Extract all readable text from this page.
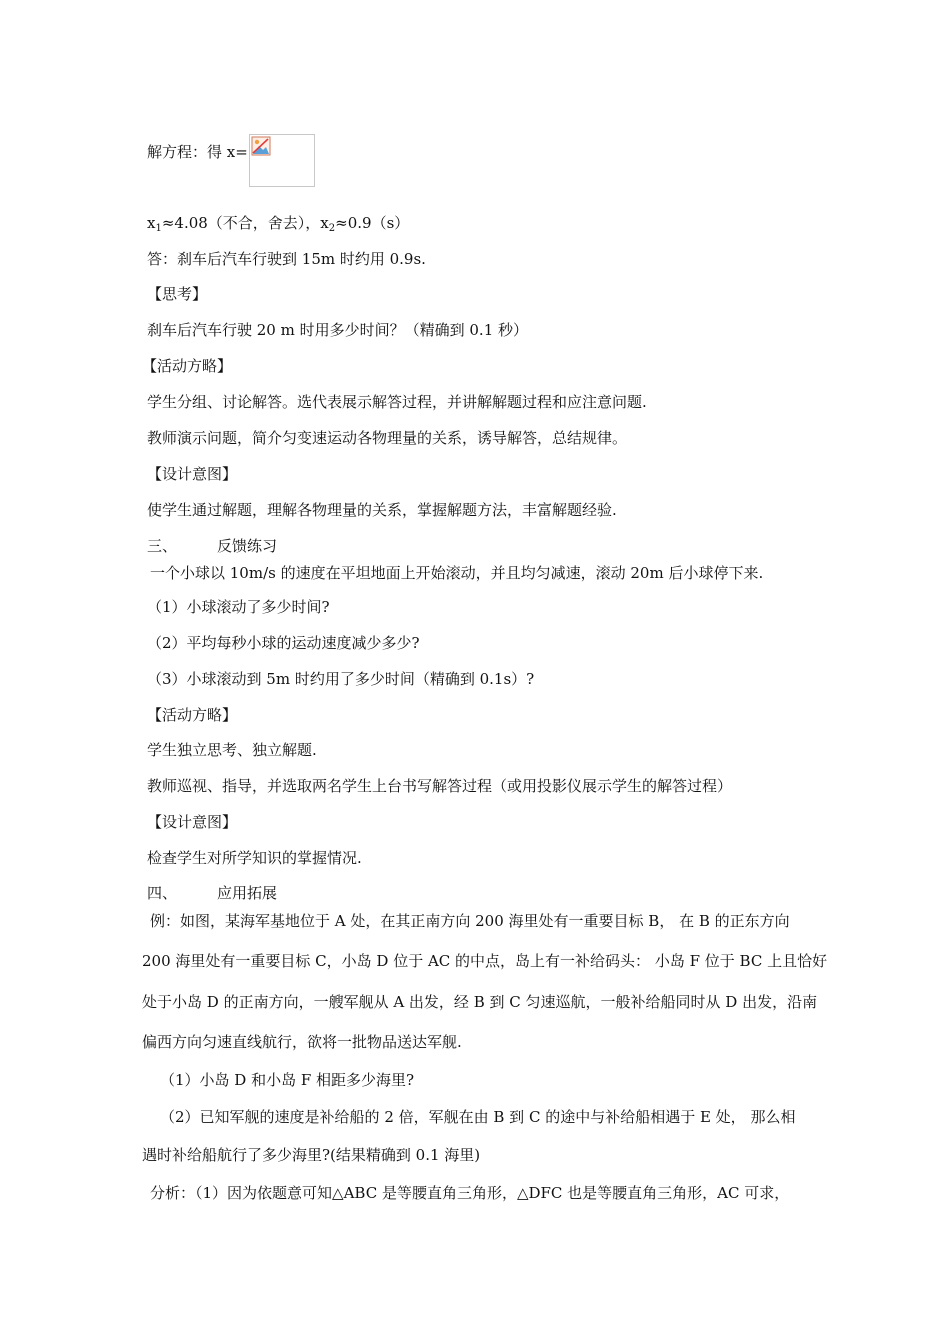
解方程：得 x=
$x_1\approx 4.08$（不合，舍去），$x_2\approx 0.9(s)$
答：刹车后汽车行驶到 15m 时约用 0.9s.
【思考】
刹车后汽车行驶 20 m 时用多少时间？（精确到 0.1 秒）
【活动方略】
学生分组、讨论解答。选代表展示解答过程，并讲解解题过程和应注意问题.
教师演示问题，简介匀变速运动各物理量的关系，诱导解答，总结规律。
【设计意图】
使学生通过解题，理解各物理量的关系，掌握解题方法，丰富解题经验.
三、	反馈练习
一个小球以 10m/s 的速度在平坦地面上开始滚动，并且均匀减速，滚动 20m 后小球停下来.
（1）小球滚动了多少时间?
（2）平均每秒小球的运动速度减少多少?
（3）小球滚动到 5m 时约用了多少时间（精确到 0.1s）?
【活动方略】
学生独立思考、独立解题.
教师巡视、指导，并选取两名学生上台书写解答过程（或用投影仪展示学生的解答过程）
【设计意图】
检查学生对所学知识的掌握情况.
四、	应用拓展
例：如图，某海军基地位于 A 处，在其正南方向 200 海里处有一重要目标 B， 在 B 的正东方向
200 海里处有一重要目标 C，小岛 D 位于 AC 的中点，岛上有一补给码头： 小岛 F 位于 BC 上且恰好
处于小岛 D 的正南方向，一艘军舰从 A 出发，经 B 到 C 匀速巡航，一般补给船同时从 D 出发，沿南
偏西方向匀速直线航行，欲将一批物品送达军舰.
（1）小岛 D 和小岛 F 相距多少海里?
（2）已知军舰的速度是补给船的 2 倍，军舰在由 B 到 C 的途中与补给船相遇于 E 处， 那么相
遇时补给船航行了多少海里?(结果精确到 0.1 海里)
分析：（1）因为依题意可知△ABC 是等腰直角三角形，△DFC 也是等腰直角三角形，AC 可求，
